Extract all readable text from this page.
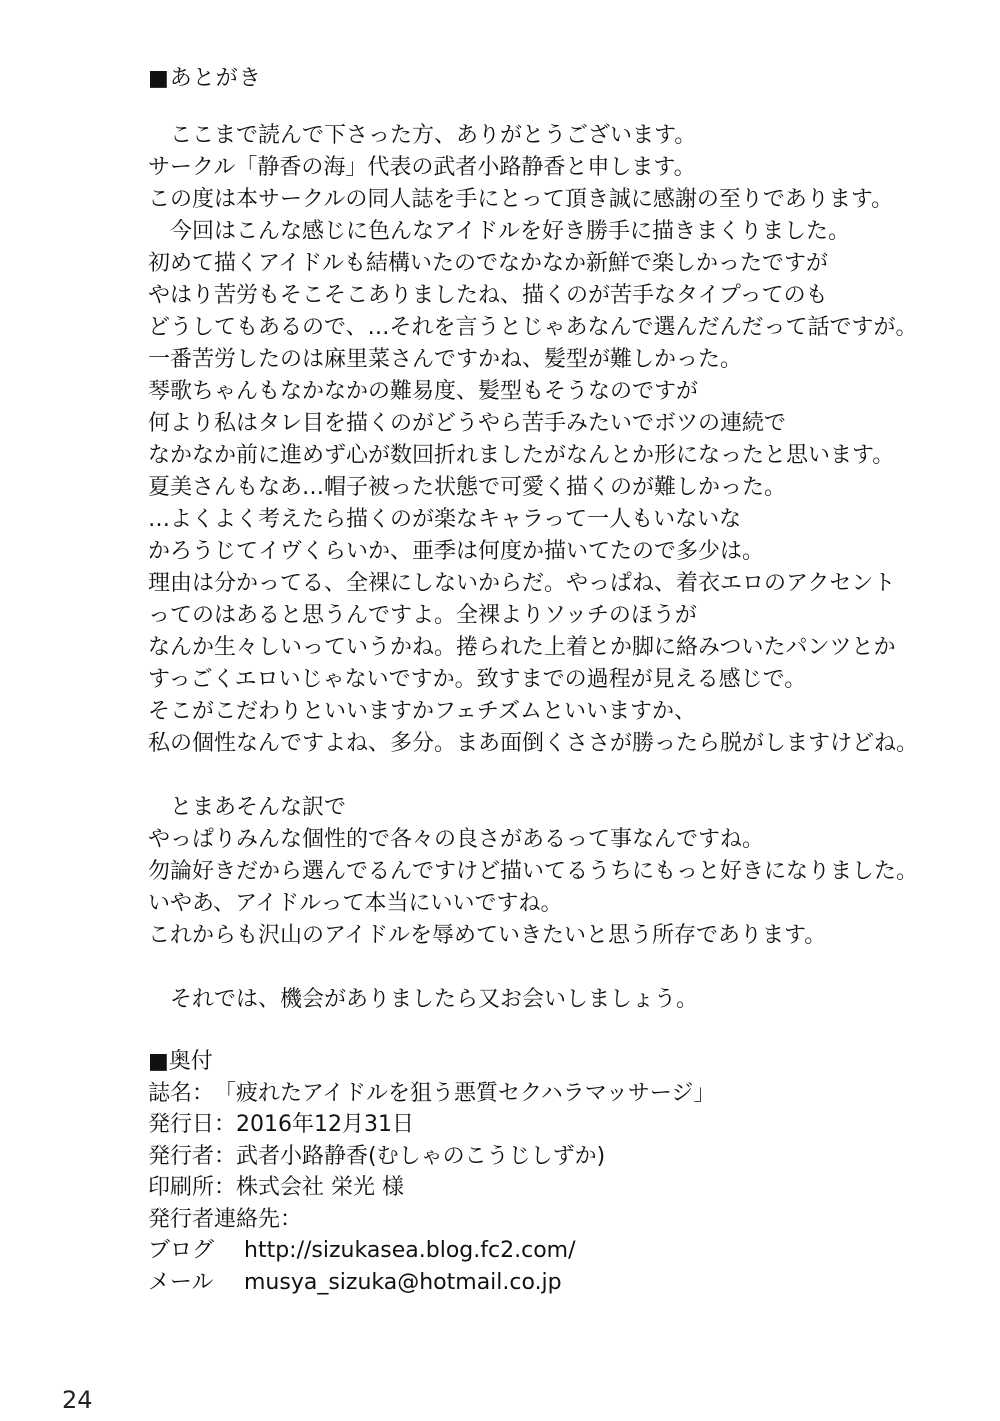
■あとがき
　ここまで読んで下さった方、ありがとうございます。
サークル「静香の海」代表の武者小路静香と申します。
この度は本サークルの同人誌を手にとって頂き誠に感謝の至りであります。
　今回はこんな感じに色んなアイドルを好き勝手に描きまくりました。
初めて描くアイドルも結構いたのでなかなか新鮮で楽しかったですが
やはり苦労もそこそこありましたね、描くのが苦手なタイプってのも
どうしてもあるので、…それを言うとじゃあなんで選んだんだって話ですが。
一番苦労したのは麻里菜さんですかね、髪型が難しかった。
琴歌ちゃんもなかなかの難易度、髪型もそうなのですが
何より私はタレ目を描くのがどうやら苦手みたいでボツの連続で
なかなか前に進めず心が数回折れましたがなんとか形になったと思います。
夏美さんもなあ…帽子被った状態で可愛く描くのが難しかった。
…よくよく考えたら描くのが楽なキャラって一人もいないな
かろうじてイヴくらいか、亜季は何度か描いてたので多少は。
理由は分かってる、全裸にしないからだ。やっぱね、着衣エロのアクセント
ってのはあると思うんですよ。全裸よりソッチのほうが
なんか生々しいっていうかね。捲られた上着とか脚に絡みついたパンツとか
すっごくエロいじゃないですか。致すまでの過程が見える感じで。
そこがこだわりといいますかフェチズムといいますか、
私の個性なんですよね、多分。まあ面倒くささが勝ったら脱がしますけどね。
　とまあそんな訳で
やっぱりみんな個性的で各々の良さがあるって事なんですね。
勿論好きだから選んでるんですけど描いてるうちにもっと好きになりました。
いやあ、アイドルって本当にいいですね。
これからも沢山のアイドルを辱めていきたいと思う所存であります。
　それでは、機会がありましたら又お会いしましょう。
■奥付
誌名： 「疲れたアイドルを狙う悪質セクハラマッサージ」
発行日： 2016年12月31日
発行者： 武者小路静香(むしゃのこうじしずか)
印刷所： 株式会社 栄光 様
発行者連絡先：
ブログ	http://sizukasea.blog.fc2.com/
メール	musya_sizuka@hotmail.co.jp
24
